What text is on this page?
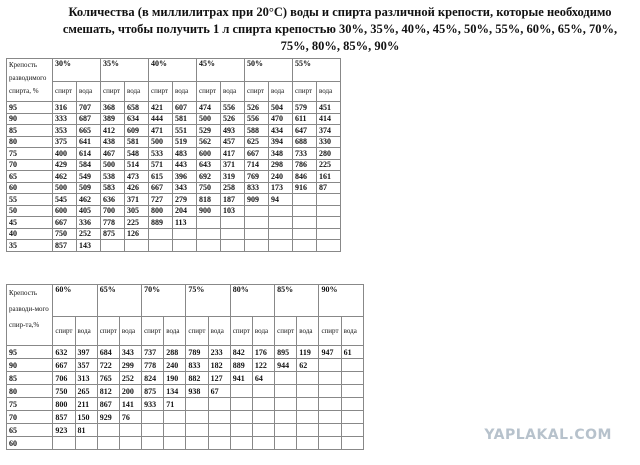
Количества (в миллилитрах при 20°С) воды и спирта различной крепости, которые необходимо смешать, чтобы получить 1 л спирта крепостью 30%, 35%, 40%, 45%, 50%, 55%, 60%, 65%, 70%, 75%, 80%, 85%, 90%
Крепость разводимого спирта, %	30%		35%		40%		45%		50%		55%	
	спирт	вода	спирт	вода	спирт	вода	спирт	вода	спирт	вода	спирт	вода
95	316	707	368	658	421	607	474	556	526	504	579	451
90	333	687	389	634	444	581	500	526	556	470	611	414
85	353	665	412	609	471	551	529	493	588	434	647	374
80	375	641	438	581	500	519	562	457	625	394	688	330
75	400	614	467	548	533	483	600	417	667	348	733	280
70	429	584	500	514	571	443	643	371	714	298	786	225
65	462	549	538	473	615	396	692	319	769	240	846	161
60	500	509	583	426	667	343	750	258	833	173	916	87
55	545	462	636	371	727	279	818	187	909	94		
50	600	405	700	305	800	204	900	103				
45	667	336	778	225	889	113						
40	750	252	875	126								
35	857	143										
Крепость разводи-мого спир-та,%	60%		65%		70%		75%		80%		85%		90%	
	спирт	вода	спирт	вода	спирт	вода	спирт	вода	спирт	вода	спирт	вода	спирт	вода
95	632	397	684	343	737	288	789	233	842	176	895	119	947	61
90	667	357	722	299	778	240	833	182	889	122	944	62		
85	706	313	765	252	824	190	882	127	941	64				
80	750	265	812	200	875	134	938	67						
75	800	211	867	141	933	71								
70	857	150	929	76										
65	923	81												
60															YAPLAKAL.COM
